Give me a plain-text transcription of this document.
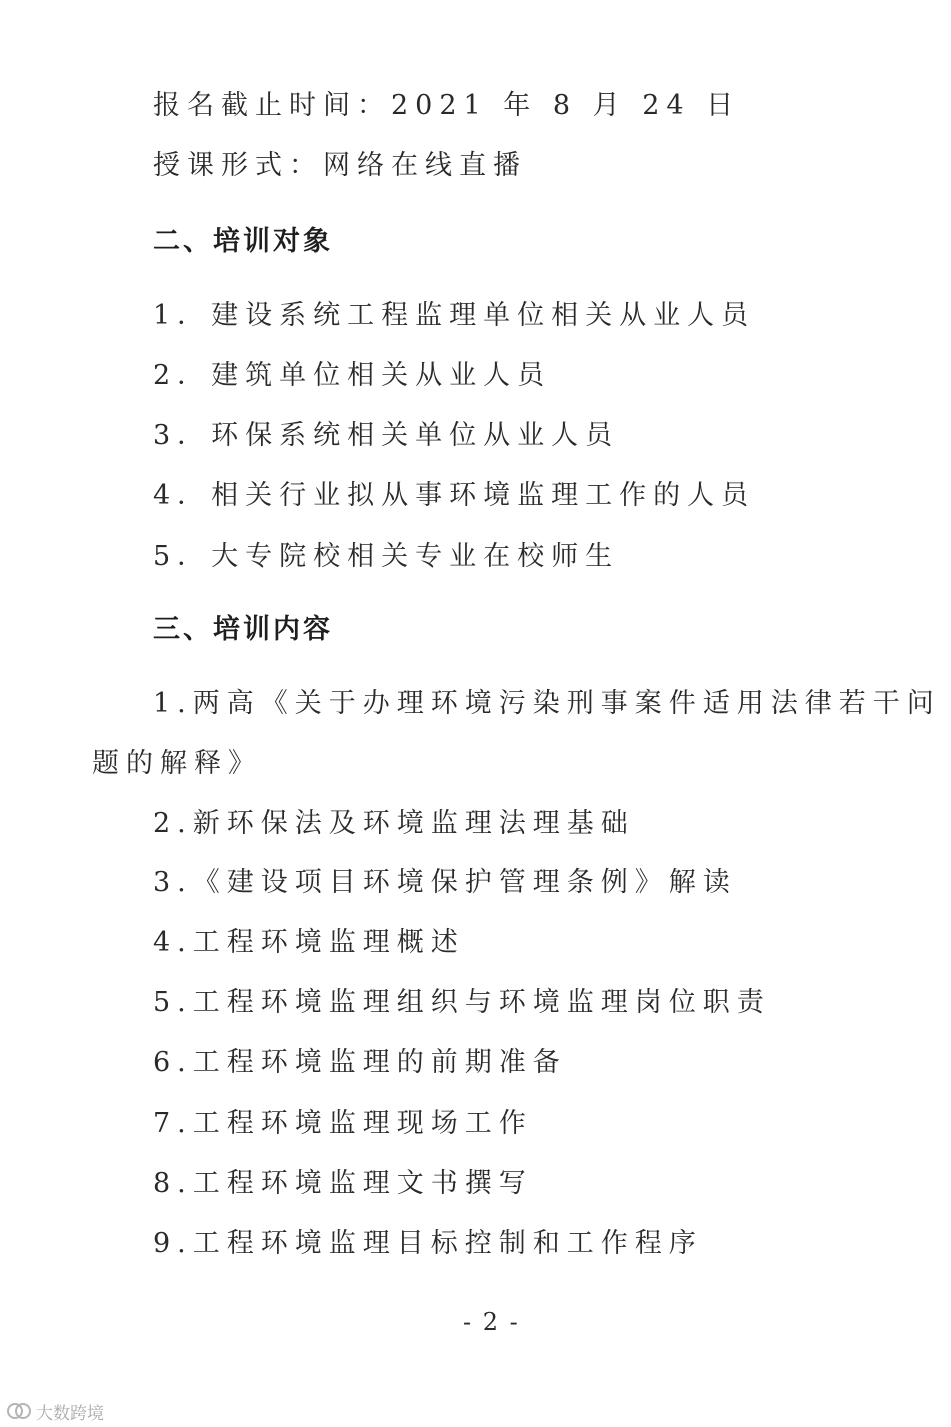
报名截止时间：2021 年 8 月 24 日
授课形式：网络在线直播
二、培训对象
1．建设系统工程监理单位相关从业人员
2．建筑单位相关从业人员
3．环保系统相关单位从业人员
4．相关行业拟从事环境监理工作的人员
5．大专院校相关专业在校师生
三、培训内容
1.两高《关于办理环境污染刑事案件适用法律若干问
题的解释》
2.新环保法及环境监理法理基础
3.《建设项目环境保护管理条例》解读
4.工程环境监理概述
5.工程环境监理组织与环境监理岗位职责
6.工程环境监理的前期准备
7.工程环境监理现场工作
8.工程环境监理文书撰写
9.工程环境监理目标控制和工作程序
- 2 -
大数跨境
